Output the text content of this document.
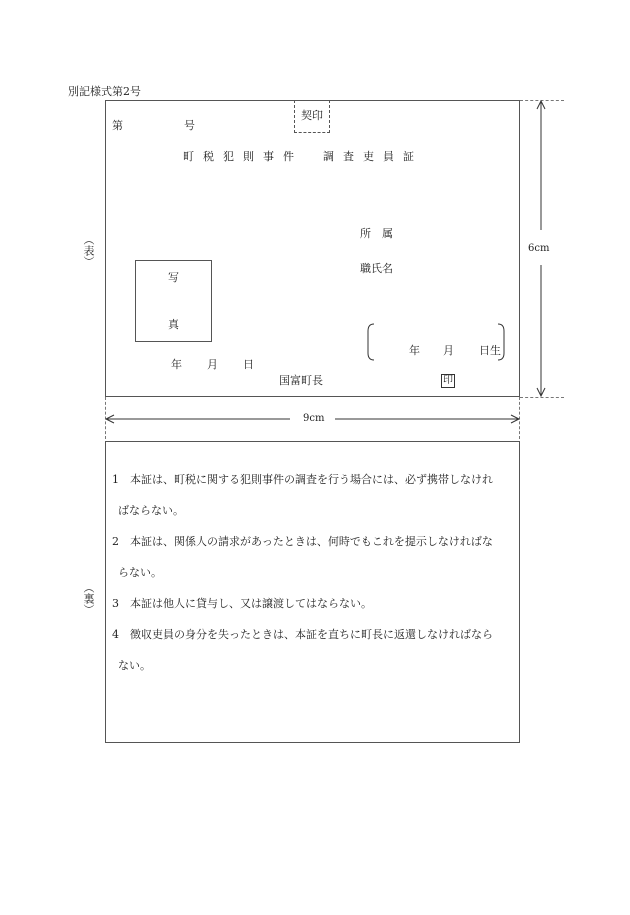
別記様式第2号
契印
第	号
町税犯則事件　調査吏員証
所　属
職氏名
写
真
年 月 日生
年 月 日
国富町長	印
（表）	6cm
9cm
（裏）
1 本証は、町税に関する犯則事件の調査を行う場合には、必ず携帯しなけれ
ばならない。
2 本証は、関係人の請求があったときは、何時でもこれを提示しなければな
らない。
3 本証は他人に貸与し、又は譲渡してはならない。
4 徴収吏員の身分を失ったときは、本証を直ちに町長に返還しなければなら
ない。
